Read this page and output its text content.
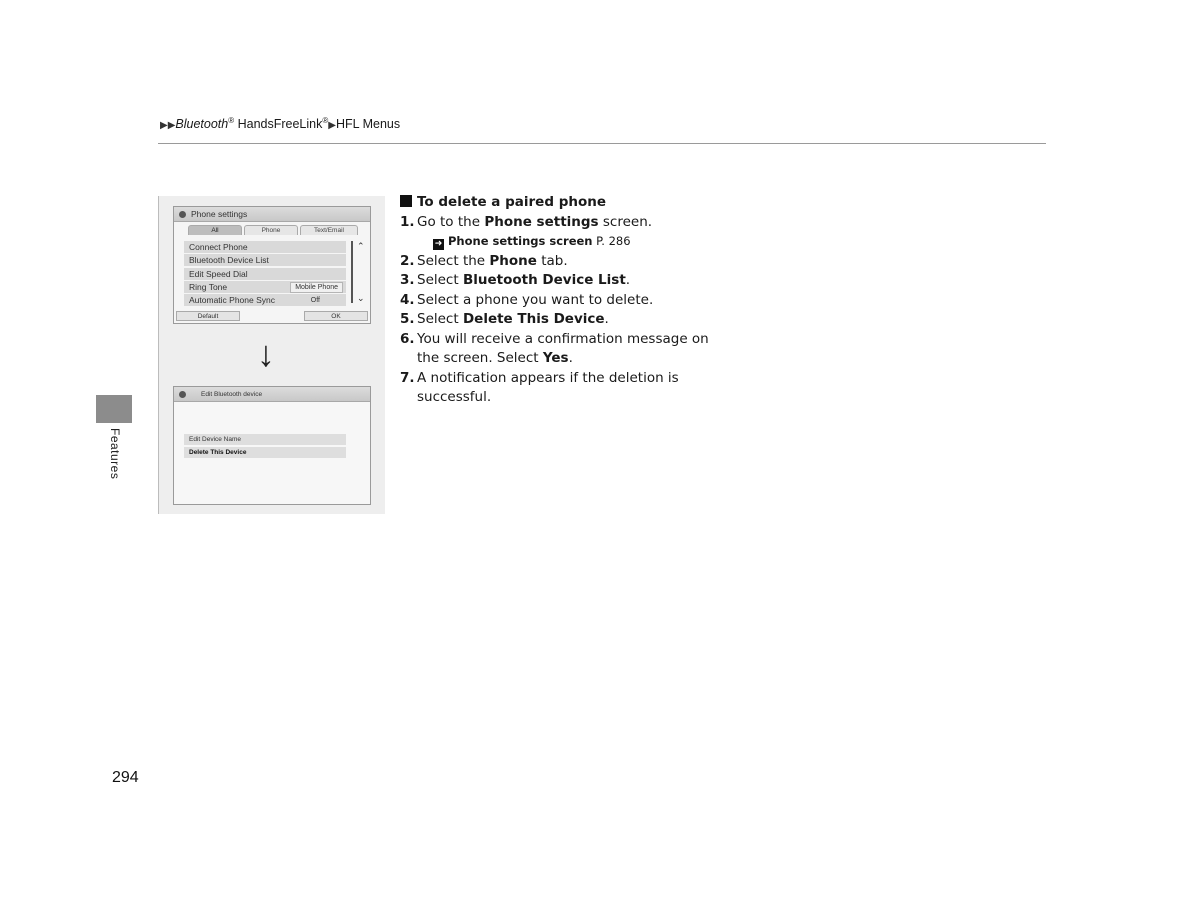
▶▶Bluetooth® HandsFreeLink®▶HFL Menus
Features
294
Phone settings
All	Phone	Text/Email
Connect Phone
Bluetooth Device List
Edit Speed Dial
Ring Tone	Mobile Phone
Automatic Phone Sync	Off
⌃
⌄
Default	OK
↓
Edit Bluetooth device
Edit Device Name
Delete This Device
To delete a paired phone
1. Go to the Phone settings screen.
➜ Phone settings screen P. 286
2. Select the Phone tab.
3. Select Bluetooth Device List.
4. Select a phone you want to delete.
5. Select Delete This Device.
6. You will receive a confirmation message on the screen. Select Yes.
7. A notification appears if the deletion is successful.
